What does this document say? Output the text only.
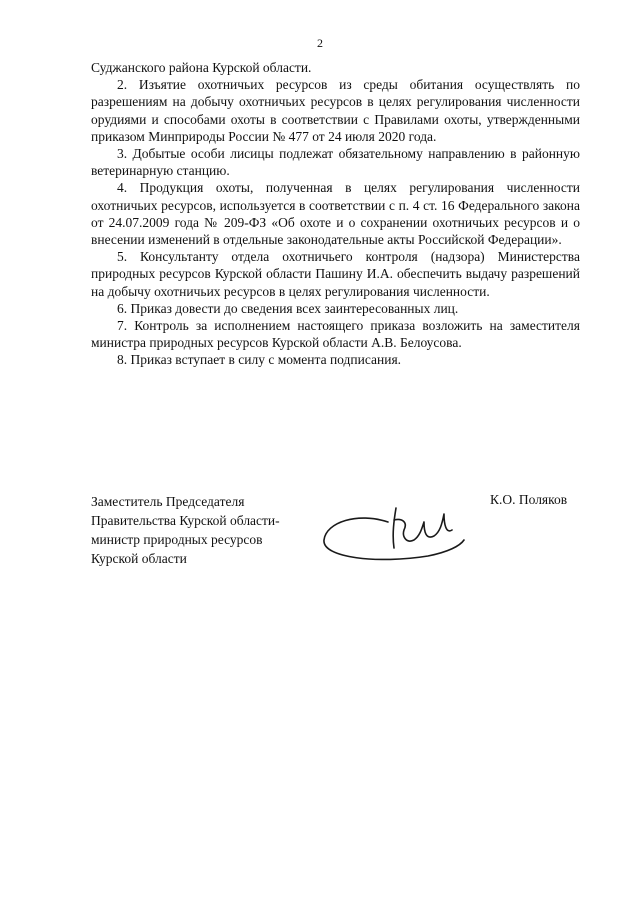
2

Суджанского района Курской области.

2. Изъятие охотничьих ресурсов из среды обитания осуществлять по разрешениям на добычу охотничьих ресурсов в целях регулирования численности орудиями и способами охоты в соответствии с Правилами охоты, утвержденными приказом Минприроды России № 477 от 24 июля 2020 года.

3. Добытые особи лисицы подлежат обязательному направлению в районную ветеринарную станцию.

4. Продукция охоты, полученная в целях регулирования численности охотничьих ресурсов, используется в соответствии с п. 4 ст. 16 Федерального закона от 24.07.2009 года № 209-ФЗ «Об охоте и о сохранении охотничьих ресурсов и о внесении изменений в отдельные законодательные акты Российской Федерации».

5. Консультанту отдела охотничьего контроля (надзора) Министерства природных ресурсов Курской области Пашину И.А. обеспечить выдачу разрешений на добычу охотничьих ресурсов в целях регулирования численности.

6. Приказ довести до сведения всех заинтересованных лиц.

7. Контроль за исполнением настоящего приказа возложить на заместителя министра природных ресурсов Курской области А.В. Белоусова.

8. Приказ вступает в силу с момента подписания.

Заместитель Председателя
Правительства Курской области-
министр природных ресурсов
Курской области
К.О. Поляков
